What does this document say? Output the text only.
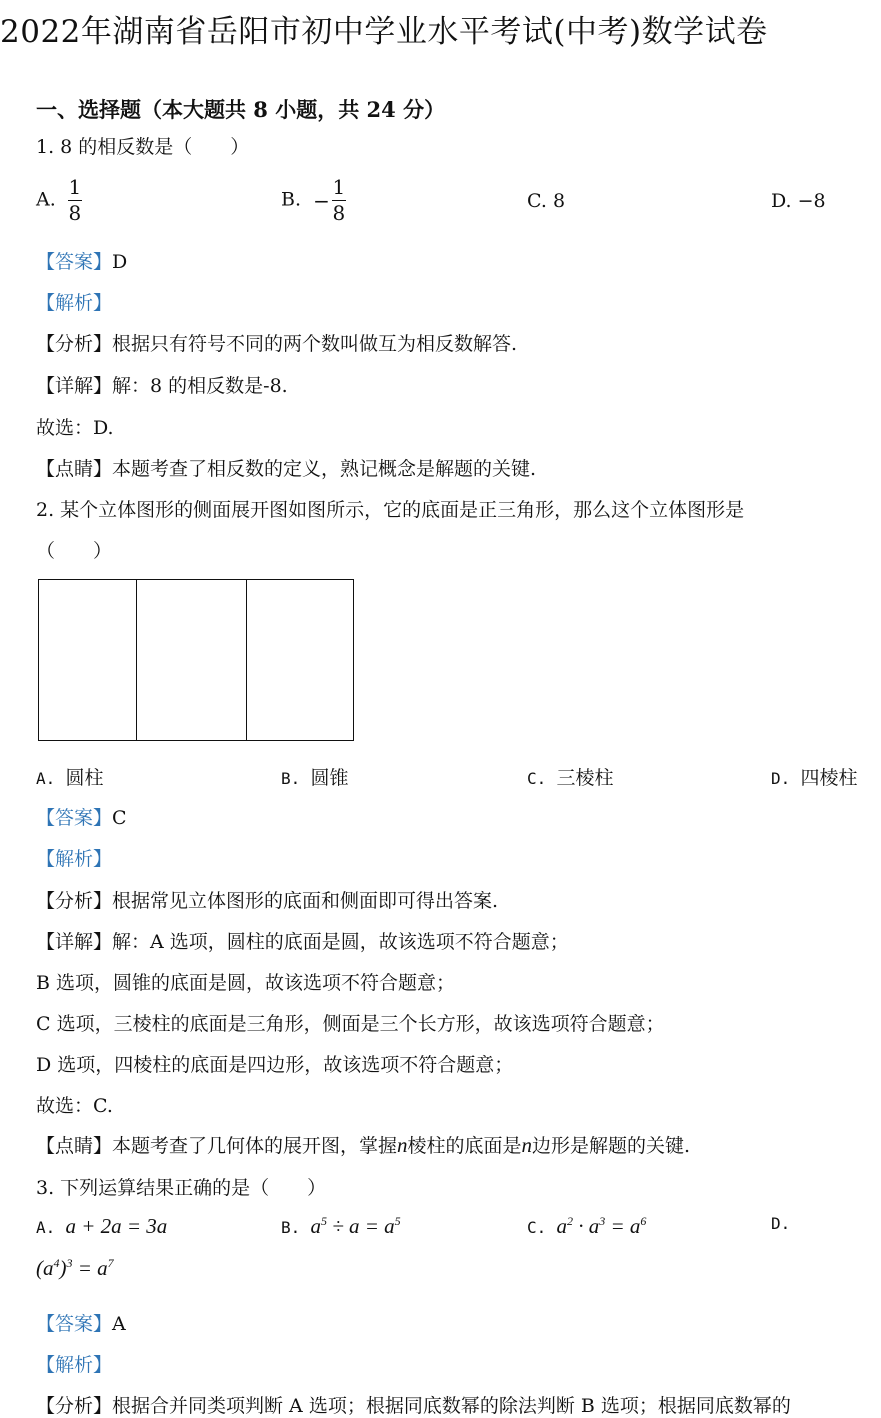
2022年湖南省岳阳市初中学业水平考试(中考)数学试卷
一、选择题（本大题共 8 小题，共 24 分）
1. 8 的相反数是（　　）
A. $\frac{1}{8}$	B. − $\frac{1}{8}$	C. 8	D. −8
【答案】D
【解析】
【分析】根据只有符号不同的两个数叫做互为相反数解答.
【详解】解：8 的相反数是-8.
故选：D.
【点睛】本题考查了相反数的定义，熟记概念是解题的关键.
2. 某个立体图形的侧面展开图如图所示，它的底面是正三角形，那么这个立体图形是
（　　）
A. 圆柱	B. 圆锥	C. 三棱柱	D. 四棱柱
【答案】C
【解析】
【分析】根据常见立体图形的底面和侧面即可得出答案.
【详解】解：A 选项，圆柱的底面是圆，故该选项不符合题意；
B 选项，圆锥的底面是圆，故该选项不符合题意；
C 选项，三棱柱的底面是三角形，侧面是三个长方形，故该选项符合题意；
D 选项，四棱柱的底面是四边形，故该选项不符合题意；
故选：C.
【点睛】本题考查了几何体的展开图，掌握n棱柱的底面是n边形是解题的关键.
3. 下列运算结果正确的是（　　）
A. a + 2a = 3a	B. $a^5 \div a = a^5$	C. $a^2 \cdot a^3 = a^6$	D.
$(a^4)^3 = a^7$
【答案】A
【解析】
【分析】根据合并同类项判断 A 选项；根据同底数幂的除法判断 B 选项；根据同底数幂的
